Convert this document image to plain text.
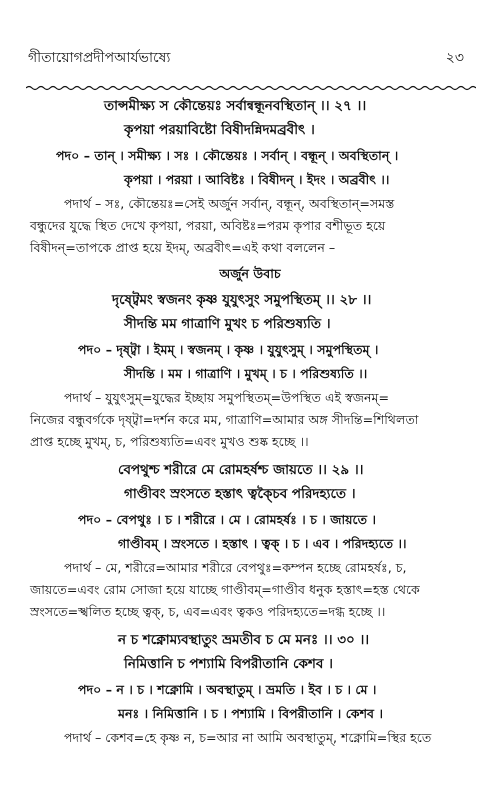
গীতায়োগপ্রদীপআর্যভাষ্যে	২৩
তান্সমীক্ষ্য স কৌন্তেয়ঃ সর্বান্বন্ধূনবস্থিতান্ ।। ২৭ ।।
কৃপয়া পরয়াবিষ্টো বিষীদন্নিদমব্রবীৎ ।
পদ০ – তান্ । সমীক্ষ্য । সঃ । কৌন্তেয়ঃ । সর্বান্ । বন্ধূন্ । অবস্থিতান্ ।
কৃপয়া । পরয়া । আবিষ্টঃ । বিষীদন্ । ইদং । অব্রবীৎ ।।
পদার্থ – সঃ, কৌন্তেয়ঃ=সেই অর্জুন সর্বান্, বন্ধূন্, অবস্থিতান্=সমস্ত
বন্ধুদের যুদ্ধে স্থিত দেখে কৃপয়া, পরয়া, অবিষ্টঃ=পরম কৃপার বশীভূত হয়ে
বিষীদন্=তাপকে প্রাপ্ত হয়ে ইদম্, অব্রবীৎ=এই কথা বললেন –
অর্জুন উবাচ
দৃষ্ট্বেমং স্বজনং কৃষ্ণ যুযুৎসুং সমুপস্থিতম্ ।। ২৮ ।।
সীদন্তি মম গাত্রাণি মুখং চ পরিশুষ্যতি ।
পদ০ – দৃষ্ট্বা । ইমম্ । স্বজনম্ । কৃষ্ণ । যুযুৎসুম্ । সমুপস্থিতম্ ।
সীদন্তি । মম । গাত্রাণি । মুখম্ । চ । পরিশুষ্যতি ।।
পদার্থ – যুযুৎসুম্=যুদ্ধের ইচ্ছায় সমুপস্থিতম্=উপস্থিত এই স্বজনম্=
নিজের বন্ধুবর্গকে দৃষ্ট্বা=দর্শন করে মম, গাত্রাণি=আমার অঙ্গ সীদন্তি=শিথিলতা
প্রাপ্ত হচ্ছে মুখম্, চ, পরিশুষ্যতি=এবং মুখও শুষ্ক হচ্ছে ।।
বেপথুশ্চ শরীরে মে রোমহর্ষশ্চ জায়তে ।। ২৯ ।।
গাণ্ডীবং স্রংসতে হস্তাৎ ত্বক্চৈব পরিদহ্যতে ।
পদ০ – বেপথুঃ । চ । শরীরে । মে । রোমহর্ষঃ । চ । জায়তে ।
গাণ্ডীবম্ । স্রংসতে । হস্তাৎ । ত্বক্ । চ । এব । পরিদহ্যতে ।।
পদার্থ – মে, শরীরে=আমার শরীরে বেপথুঃ=কম্পন হচ্ছে রোমহর্ষঃ, চ,
জায়তে=এবং রোম সোজা হয়ে যাচ্ছে গাণ্ডীবম্=গাণ্ডীব ধনুক হস্তাৎ=হস্ত থেকে
স্রংসতে=স্খলিত হচ্ছে ত্বক্, চ, এব=এবং ত্বকও পরিদহ্যতে=দগ্ধ হচ্ছে ।।
ন চ শক্নোম্যবস্থাতুং ভ্রমতীব চ মে মনঃ ।। ৩০ ।।
নিমিত্তানি চ পশ্যামি বিপরীতানি কেশব ।
পদ০ – ন । চ । শক্নোমি । অবস্থাতুম্ । ভ্রমতি । ইব । চ । মে ।
মনঃ । নিমিত্তানি । চ । পশ্যামি । বিপরীতানি । কেশব ।
পদার্থ – কেশব=হে কৃষ্ণ ন, চ=আর না আমি অবস্থাতুম্, শক্নোমি=স্থির হতে
